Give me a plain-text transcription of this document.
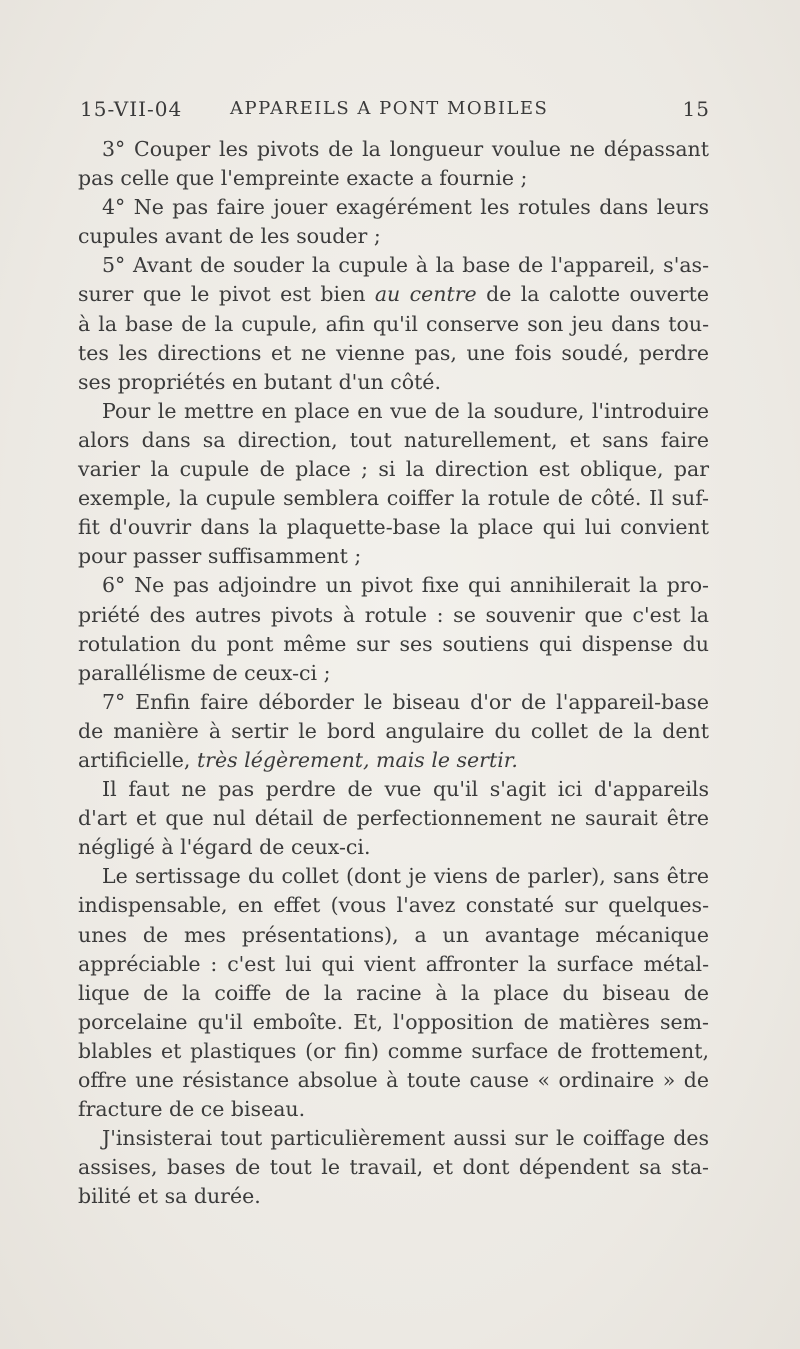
15-VII-04	APPAREILS A PONT MOBILES	15
3° Couper les pivots de la longueur voulue ne dépassant
pas celle que l'empreinte exacte a fournie ;
4° Ne pas faire jouer exagérément les rotules dans leurs
cupules avant de les souder ;
5° Avant de souder la cupule à la base de l'appareil, s'as-
surer que le pivot est bien au centre de la calotte ouverte
à la base de la cupule, afin qu'il conserve son jeu dans tou-
tes les directions et ne vienne pas, une fois soudé, perdre
ses propriétés en butant d'un côté.
Pour le mettre en place en vue de la soudure, l'introduire
alors dans sa direction, tout naturellement, et sans faire
varier la cupule de place ; si la direction est oblique, par
exemple, la cupule semblera coiffer la rotule de côté. Il suf-
fit d'ouvrir dans la plaquette-base la place qui lui convient
pour passer suffisamment ;
6° Ne pas adjoindre un pivot fixe qui annihilerait la pro-
priété des autres pivots à rotule : se souvenir que c'est la
rotulation du pont même sur ses soutiens qui dispense du
parallélisme de ceux-ci ;
7° Enfin faire déborder le biseau d'or de l'appareil-base
de manière à sertir le bord angulaire du collet de la dent
artificielle, très légèrement, mais le sertir.
Il faut ne pas perdre de vue qu'il s'agit ici d'appareils
d'art et que nul détail de perfectionnement ne saurait être
négligé à l'égard de ceux-ci.
Le sertissage du collet (dont je viens de parler), sans être
indispensable, en effet (vous l'avez constaté sur quelques-
unes de mes présentations), a un avantage mécanique
appréciable : c'est lui qui vient affronter la surface métal-
lique de la coiffe de la racine à la place du biseau de
porcelaine qu'il emboîte. Et, l'opposition de matières sem-
blables et plastiques (or fin) comme surface de frottement,
offre une résistance absolue à toute cause « ordinaire » de
fracture de ce biseau.
J'insisterai tout particulièrement aussi sur le coiffage des
assises, bases de tout le travail, et dont dépendent sa sta-
bilité et sa durée.
